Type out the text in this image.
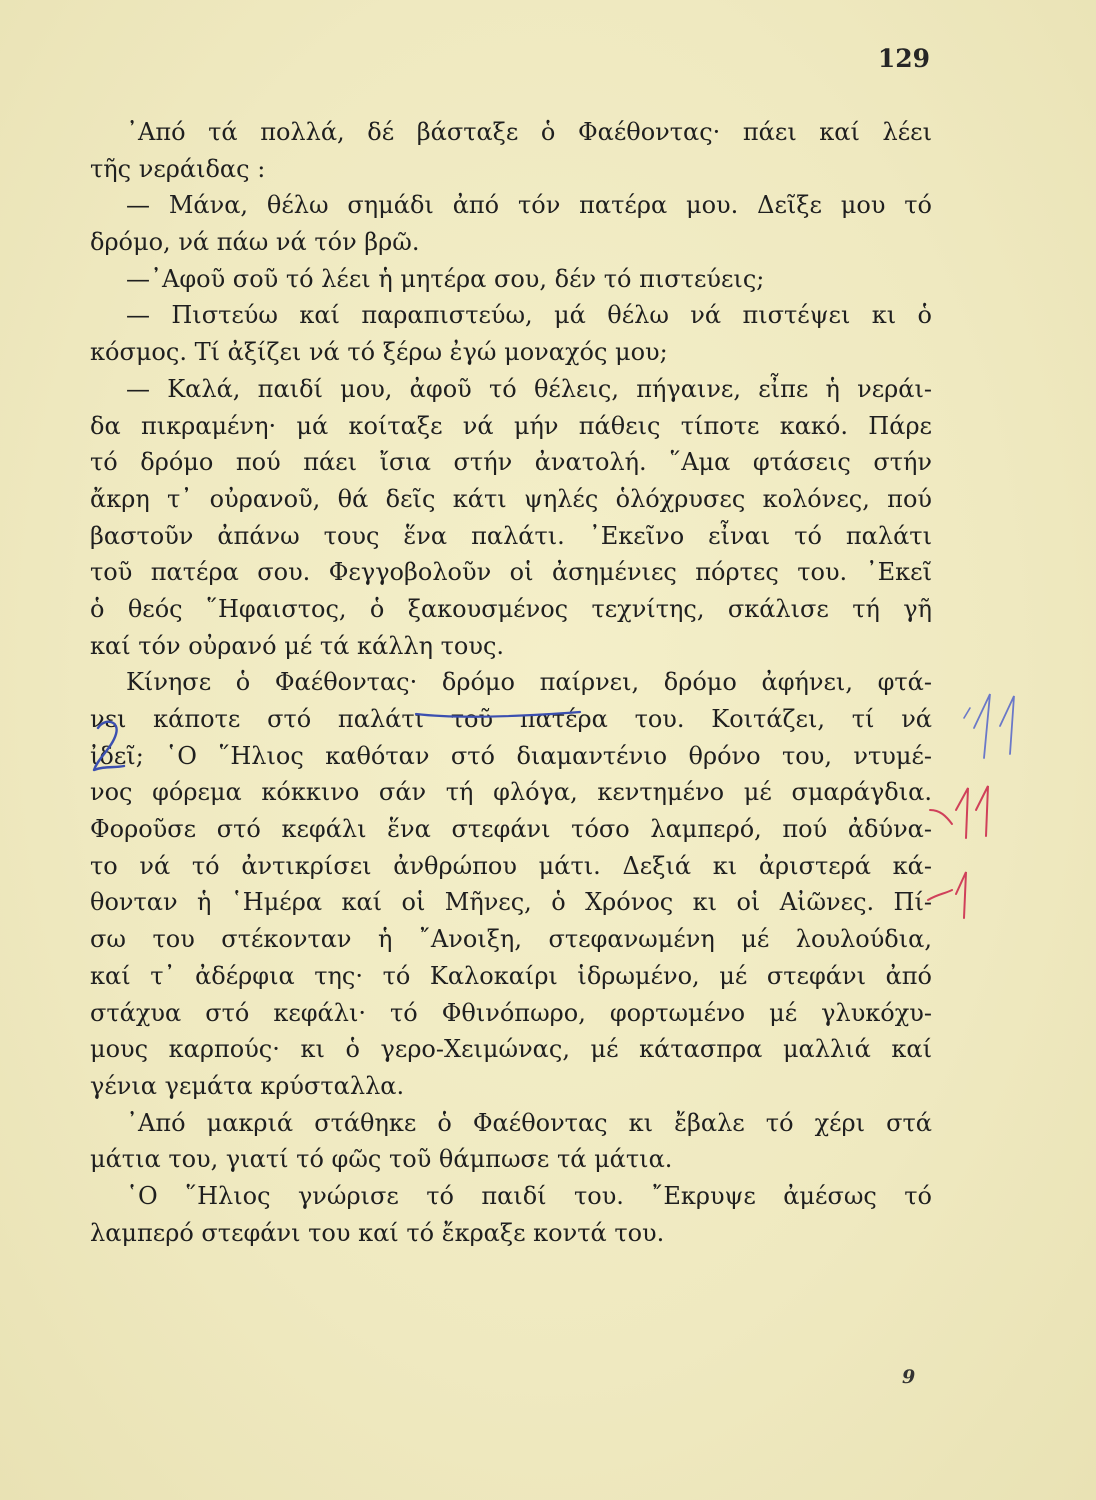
129
᾿Από τά πολλά, δέ βάσταξε ὁ Φαέθοντας· πάει καί λέει
τῆς νεράιδας :
— Μάνα, θέλω σημάδι ἀπό τόν πατέρα μου. Δεῖξε μου τό
δρόμο, νά πάω νά τόν βρῶ.
—᾿Αφοῦ σοῦ τό λέει ἡ μητέρα σου, δέν τό πιστεύεις;
— Πιστεύω καί παραπιστεύω, μά θέλω νά πιστέψει κι ὁ
κόσμος. Τί ἀξίζει νά τό ξέρω ἐγώ μοναχός μου;
— Καλά, παιδί μου, ἀφοῦ τό θέλεις, πήγαινε, εἶπε ἡ νεράι-
δα πικραμένη· μά κοίταξε νά μήν πάθεις τίποτε κακό. Πάρε
τό δρόμο πού πάει ἴσια στήν ἀνατολή. ῞Αμα φτάσεις στήν
ἄκρη τ᾿ οὐρανοῦ, θά δεῖς κάτι ψηλές ὁλόχρυσες κολόνες, πού
βαστοῦν ἀπάνω τους ἕνα παλάτι. ᾿Εκεῖνο εἶναι τό παλάτι
τοῦ πατέρα σου. Φεγγοβολοῦν οἱ ἀσημένιες πόρτες του. ᾿Εκεῖ
ὁ θεός ῞Ηφαιστος, ὁ ξακουσμένος τεχνίτης, σκάλισε τή γῆ
καί τόν οὐρανό μέ τά κάλλη τους.
Κίνησε ὁ Φαέθοντας· δρόμο παίρνει, δρόμο ἀφήνει, φτά-
νει κάποτε στό παλάτι τοῦ πατέρα του. Κοιτάζει, τί νά
ἰδεῖ; ῾Ο ῞Ηλιος καθόταν στό διαμαντένιο θρόνο του, ντυμέ-
νος φόρεμα κόκκινο σάν τή φλόγα, κεντημένο μέ σμαράγδια.
Φοροῦσε στό κεφάλι ἕνα στεφάνι τόσο λαμπερό, πού ἀδύνα-
το νά τό ἀντικρίσει ἀνθρώπου μάτι. Δεξιά κι ἀριστερά κά-
θονταν ἡ ῾Ημέρα καί οἱ Μῆνες, ὁ Χρόνος κι οἱ Αἰῶνες. Πί-
σω του στέκονταν ἡ ῎Ανοιξη, στεφανωμένη μέ λουλούδια,
καί τ᾿ ἀδέρφια της· τό Καλοκαίρι ἱδρωμένο, μέ στεφάνι ἀπό
στάχυα στό κεφάλι· τό Φθινόπωρο, φορτωμένο μέ γλυκόχυ-
μους καρπούς· κι ὁ γερο-Χειμώνας, μέ κάτασπρα μαλλιά καί
γένια γεμάτα κρύσταλλα.
᾿Από μακριά στάθηκε ὁ Φαέθοντας κι ἔβαλε τό χέρι στά
μάτια του, γιατί τό φῶς τοῦ θάμπωσε τά μάτια.
῾Ο ῞Ηλιος γνώρισε τό παιδί του. ῎Εκρυψε ἀμέσως τό
λαμπερό στεφάνι του καί τό ἔκραξε κοντά του.
9
